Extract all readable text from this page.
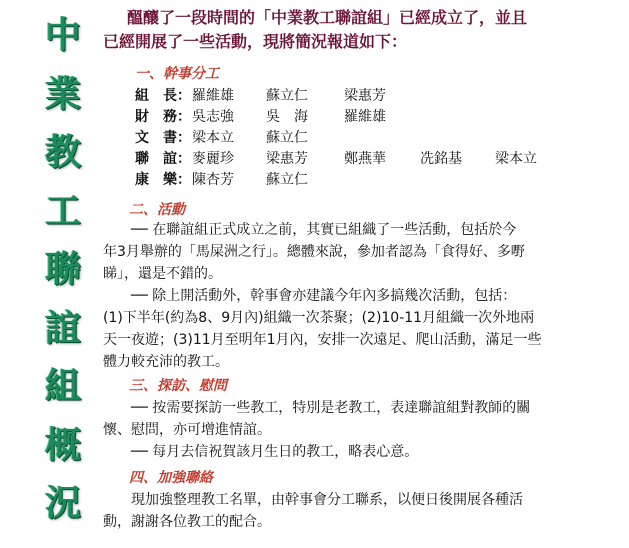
中
業
教
工
聯
誼
組
概
況
醞釀了一段時間的「中業教工聯誼組」已經成立了，並且
已經開展了一些活動，現將簡況報道如下：
一、幹事分工
組　長： 羅維雄 蘇立仁	梁惠芳
財　務： 吳志強 吳　海	羅維雄
文　書： 梁本立 蘇立仁
聯　誼： 麥麗珍 梁惠芳	鄭燕華 冼銘基 梁本立
康　樂： 陳杏芳 蘇立仁
二、活動
── 在聯誼組正式成立之前，其實已組織了一些活動，包括於今
年3月舉辦的「馬屎洲之行」。總體來說，參加者認為「食得好、多嘢
睇」，還是不錯的。
── 除上開活動外，幹事會亦建議今年內多搞幾次活動，包括：
(1)下半年(約為8、9月內)組織一次茶聚；(2)10-11月組織一次外地兩
天一夜遊；(3)11月至明年1月內，安排一次遠足、爬山活動，滿足一些
體力較充沛的教工。
三、探訪、慰問
── 按需要探訪一些教工，特別是老教工，表達聯誼組對教師的關
懷、慰問，亦可增進情誼。
── 每月去信祝賀該月生日的教工，略表心意。
四、加強聯絡
現加強整理教工名單，由幹事會分工聯系，以便日後開展各種活
動，謝謝各位教工的配合。
